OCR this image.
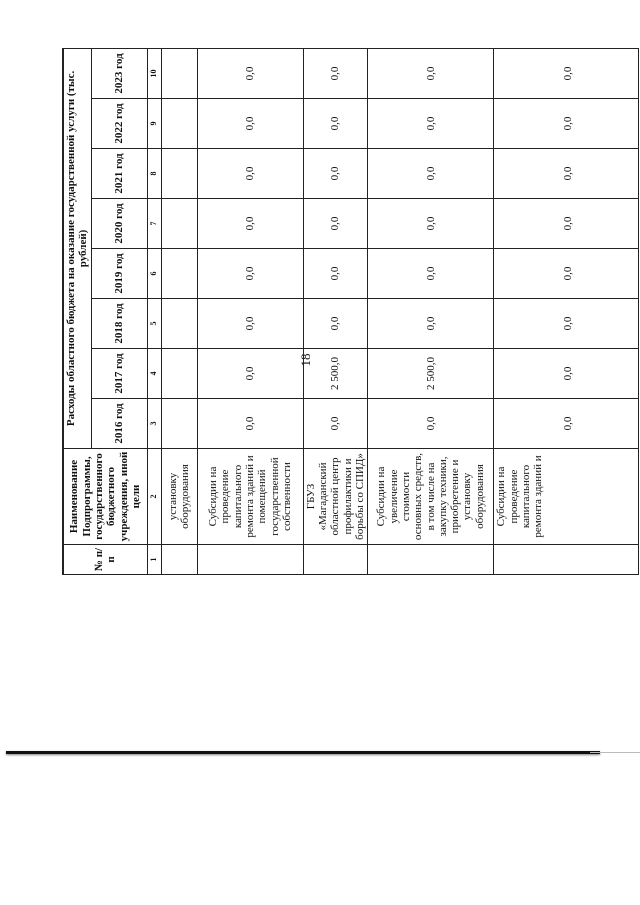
18
№ п/п	Наименование Подпрограммы, государственного бюджетного учреждения, иной цели	Расходы областного бюджета на оказание государственной услуги (тыс. рублей)							
		2016 год	2017 год	2018 год	2019 год	2020 год	2021 год	2022 год	2023 год
1	2	3	4	5	6	7	8	9	10
	установку оборудования								
	Субсидии на проведение капитального ремонта зданий и помещений государственной собственности	0,0	0,0	0,0	0,0	0,0	0,0	0,0	0,0
	ГБУЗ «Магаданский областной центр профилактики и борьбы со СПИД»	0,0	2 500,0	0,0	0,0	0,0	0,0	0,0	0,0
	Субсидии на увеличение стоимости основных средств, в том числе на закупку техники, приобретение и установку оборудования	0,0	2 500,0	0,0	0,0	0,0	0,0	0,0	0,0
	Субсидии на проведение капитального ремонта зданий и	0,0	0,0	0,0	0,0	0,0	0,0	0,0	0,0
